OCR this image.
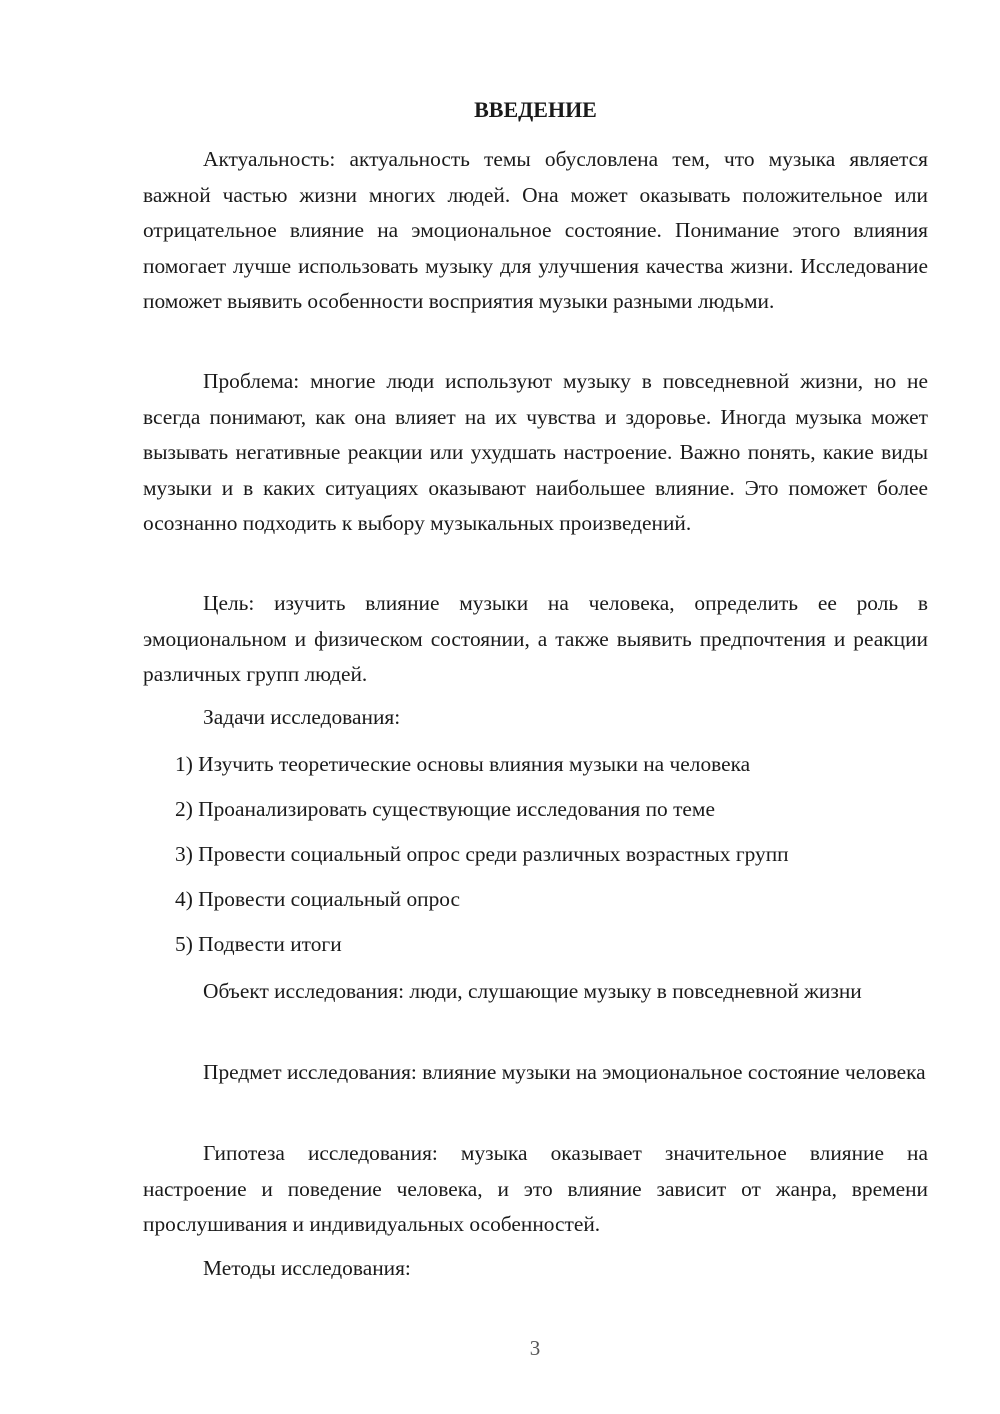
ВВЕДЕНИЕ

Актуальность: актуальность темы обусловлена тем, что музыка является важной частью жизни многих людей. Она может оказывать положительное или отрицательное влияние на эмоциональное состояние. Понимание этого влияния помогает лучше использовать музыку для улучшения качества жизни. Исследование поможет выявить особенности восприятия музыки разными людьми.

Проблема: многие люди используют музыку в повседневной жизни, но не всегда понимают, как она влияет на их чувства и здоровье. Иногда музыка может вызывать негативные реакции или ухудшать настроение. Важно понять, какие виды музыки и в каких ситуациях оказывают наибольшее влияние. Это поможет более осознанно подходить к выбору музыкальных произведений.

Цель: изучить влияние музыки на человека, определить ее роль в эмоциональном и физическом состоянии, а также выявить предпочтения и реакции различных групп людей.

Задачи исследования:

1) Изучить теоретические основы влияния музыки на человека

2) Проанализировать существующие исследования по теме

3) Провести социальный опрос среди различных возрастных групп

4) Провести социальный опрос

5) Подвести итоги

Объект исследования: люди, слушающие музыку в повседневной жизни

Предмет исследования: влияние музыки на эмоциональное состояние человека

Гипотеза исследования: музыка оказывает значительное влияние на настроение и поведение человека, и это влияние зависит от жанра, времени прослушивания и индивидуальных особенностей.

Методы исследования:

3
